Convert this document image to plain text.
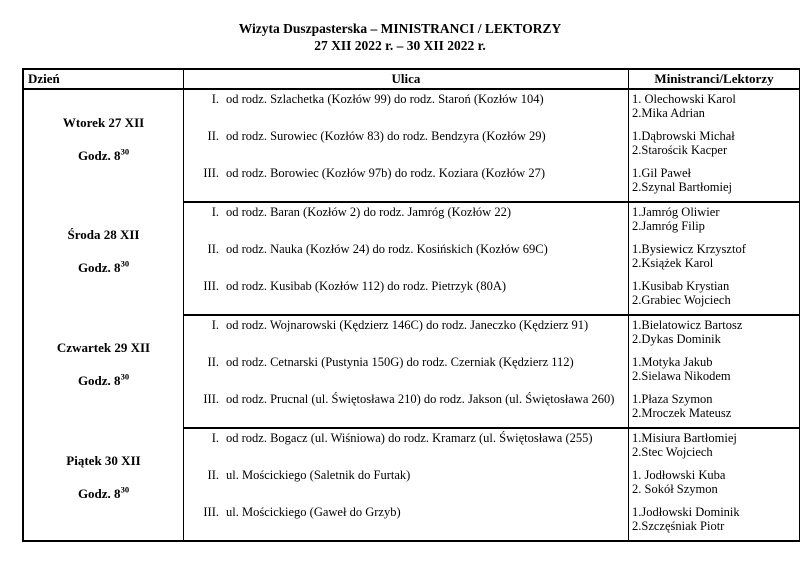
Wizyta Duszpasterska – MINISTRANCI / LEKTORZY
27 XII 2022 r. – 30 XII 2022 r.
Dzień	Ulica	Ministranci/Lektorzy

Wtorek 27 XII
Godz. $8^{30}$
	I. od rodz. Szlachetka (Kozłów 99) do rodz. Staroń (Kozłów 104)	1. Olechowski Karol
2.Mika Adrian

	II. od rodz. Surowiec (Kozłów 83) do rodz. Bendzyra (Kozłów 29)	1.Dąbrowski Michał
2.Starościk Kacper

	III. od rodz. Borowiec (Kozłów 97b) do rodz. Koziara (Kozłów 27)	1.Gil Paweł
2.Szynal Bartłomiej

Środa 28 XII
Godz. $8^{30}$
	I. od rodz. Baran (Kozłów 2) do rodz. Jamróg (Kozłów 22)	1.Jamróg Oliwier
2.Jamróg Filip

	II. od rodz. Nauka (Kozłów 24) do rodz. Kosińskich (Kozłów 69C)	1.Bysiewicz Krzysztof
2.Książek Karol

	III. od rodz. Kusibab (Kozłów 112) do rodz. Pietrzyk (80A)	1.Kusibab Krystian
2.Grabiec Wojciech

Czwartek 29 XII
Godz. $8^{30}$
	I. od rodz. Wojnarowski (Kędzierz 146C) do rodz. Janeczko (Kędzierz 91)	1.Bielatowicz Bartosz
2.Dykas Dominik

	II. od rodz. Cetnarski (Pustynia 150G) do rodz. Czerniak (Kędzierz 112)	1.Motyka Jakub
2.Sielawa Nikodem

	III. od rodz. Prucnal (ul. Świętosława 210) do rodz. Jakson (ul. Świętosława 260)	1.Płaza Szymon
2.Mroczek Mateusz

Piątek 30 XII
Godz. $8^{30}$
	I. od rodz. Bogacz (ul. Wiśniowa) do rodz. Kramarz (ul. Świętosława (255)	1.Misiura Bartłomiej
2.Stec Wojciech

	II. ul. Mościckiego (Saletnik do Furtak)	1. Jodłowski Kuba
2. Sokół Szymon

	III. ul. Mościckiego (Gaweł do Grzyb)	1.Jodłowski Dominik
2.Szczęśniak Piotr
